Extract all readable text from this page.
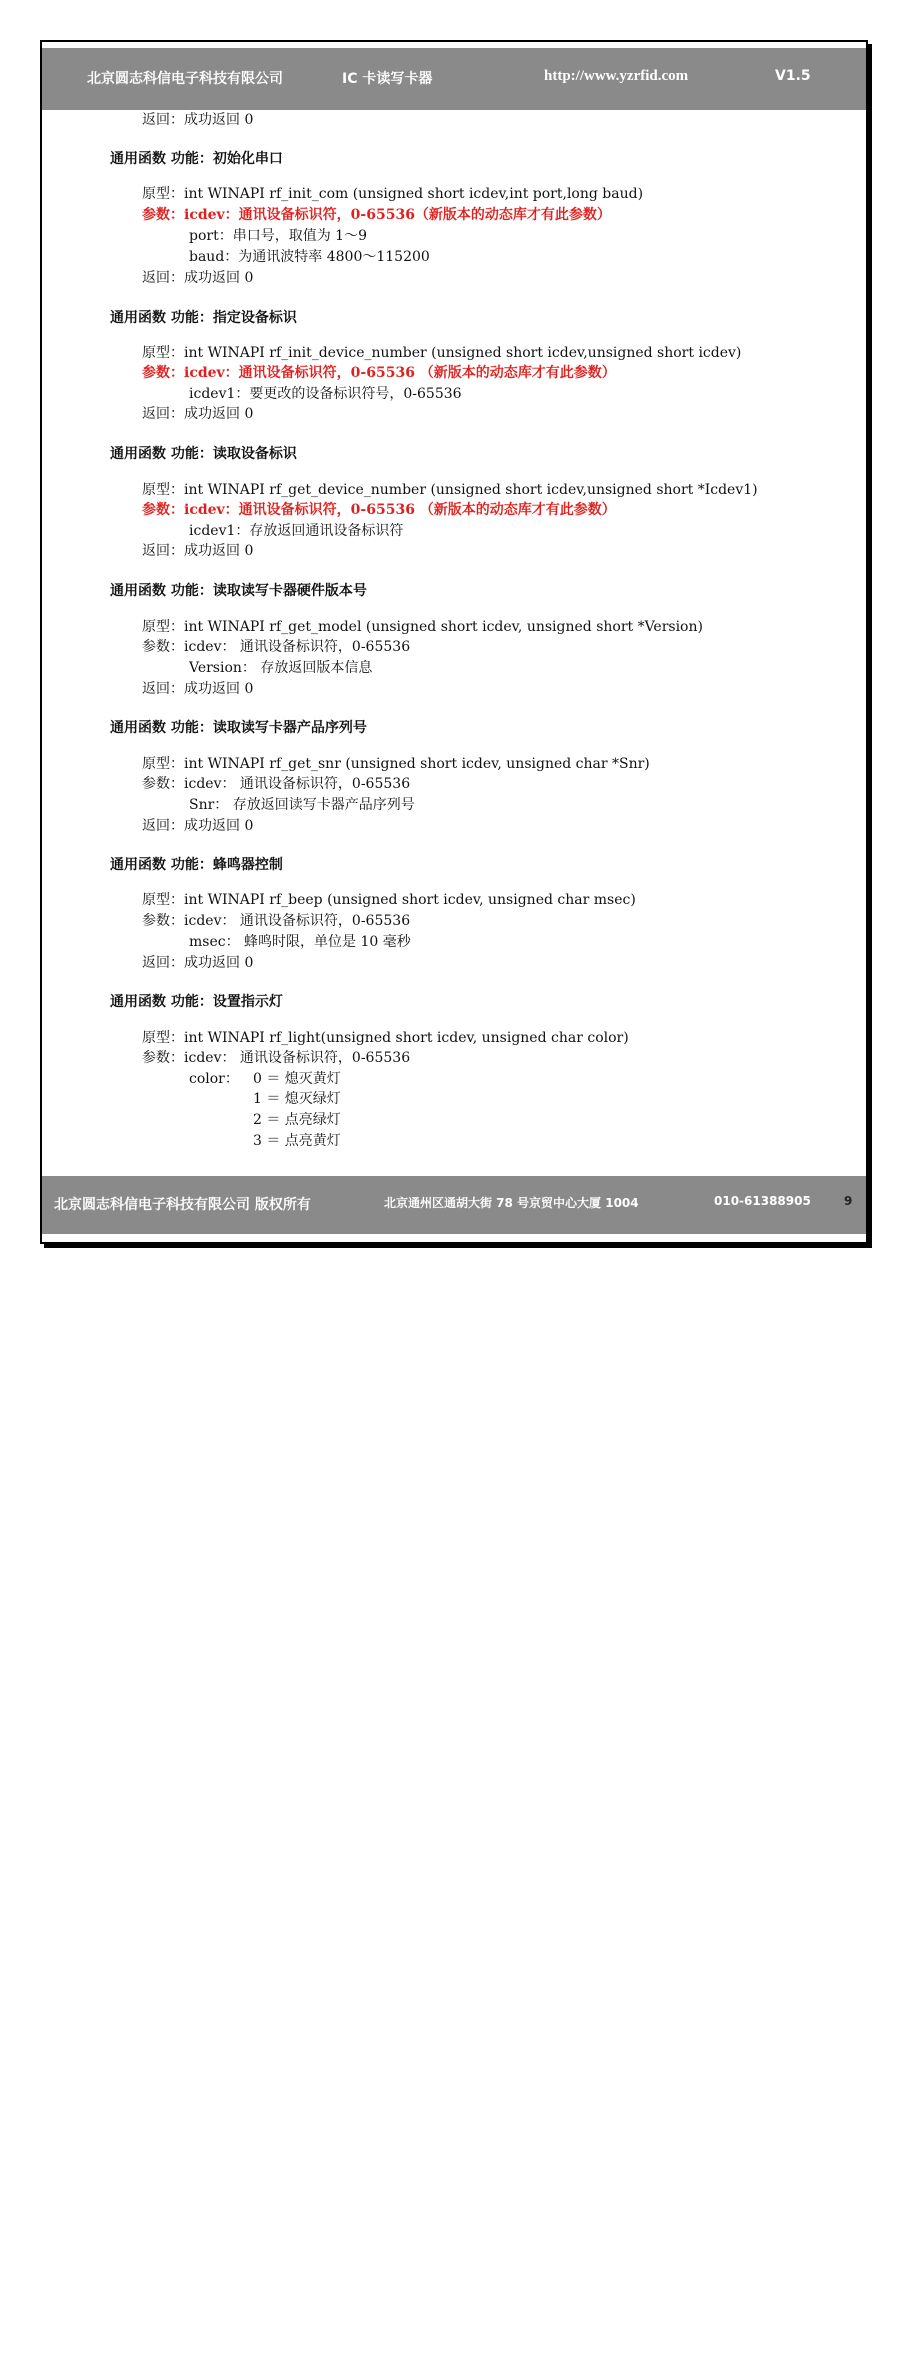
北京圆志科信电子科技有限公司	IC 卡读写卡器	http://www.yzrfid.com	V1.5
返回：成功返回 0
通用函数 功能：初始化串口
原型：int WINAPI rf_init_com (unsigned short icdev,int port,long baud)
参数：icdev：通讯设备标识符，0-65536（新版本的动态库才有此参数）
port：串口号，取值为 1～9
baud：为通讯波特率 4800～115200
返回：成功返回 0
通用函数 功能：指定设备标识
原型：int WINAPI rf_init_device_number (unsigned short icdev,unsigned short icdev)
参数：icdev：通讯设备标识符，0-65536 （新版本的动态库才有此参数）
icdev1：要更改的设备标识符号，0-65536
返回：成功返回 0
通用函数 功能：读取设备标识
原型：int WINAPI rf_get_device_number (unsigned short icdev,unsigned short *Icdev1)
参数：icdev：通讯设备标识符，0-65536 （新版本的动态库才有此参数）
icdev1：存放返回通讯设备标识符
返回：成功返回 0
通用函数 功能：读取读写卡器硬件版本号
原型：int WINAPI rf_get_model (unsigned short icdev, unsigned short *Version)
参数：icdev： 通讯设备标识符，0-65536
Version： 存放返回版本信息
返回：成功返回 0
通用函数 功能：读取读写卡器产品序列号
原型：int WINAPI rf_get_snr (unsigned short icdev, unsigned char *Snr)
参数：icdev： 通讯设备标识符，0-65536
Snr： 存放返回读写卡器产品序列号
返回：成功返回 0
通用函数 功能：蜂鸣器控制
原型：int WINAPI rf_beep (unsigned short icdev, unsigned char msec)
参数：icdev： 通讯设备标识符，0-65536
msec： 蜂鸣时限，单位是 10 毫秒
返回：成功返回 0
通用函数 功能：设置指示灯
原型：int WINAPI rf_light(unsigned short icdev, unsigned char color)
参数：icdev： 通讯设备标识符，0-65536
color： 0 ＝ 熄灭黄灯
1 ＝ 熄灭绿灯
2 ＝ 点亮绿灯
3 ＝ 点亮黄灯
北京圆志科信电子科技有限公司 版权所有	北京通州区通胡大街 78 号京贸中心大厦 1004	010-61388905	9
Bai 经验
jingyan.baidu.com
